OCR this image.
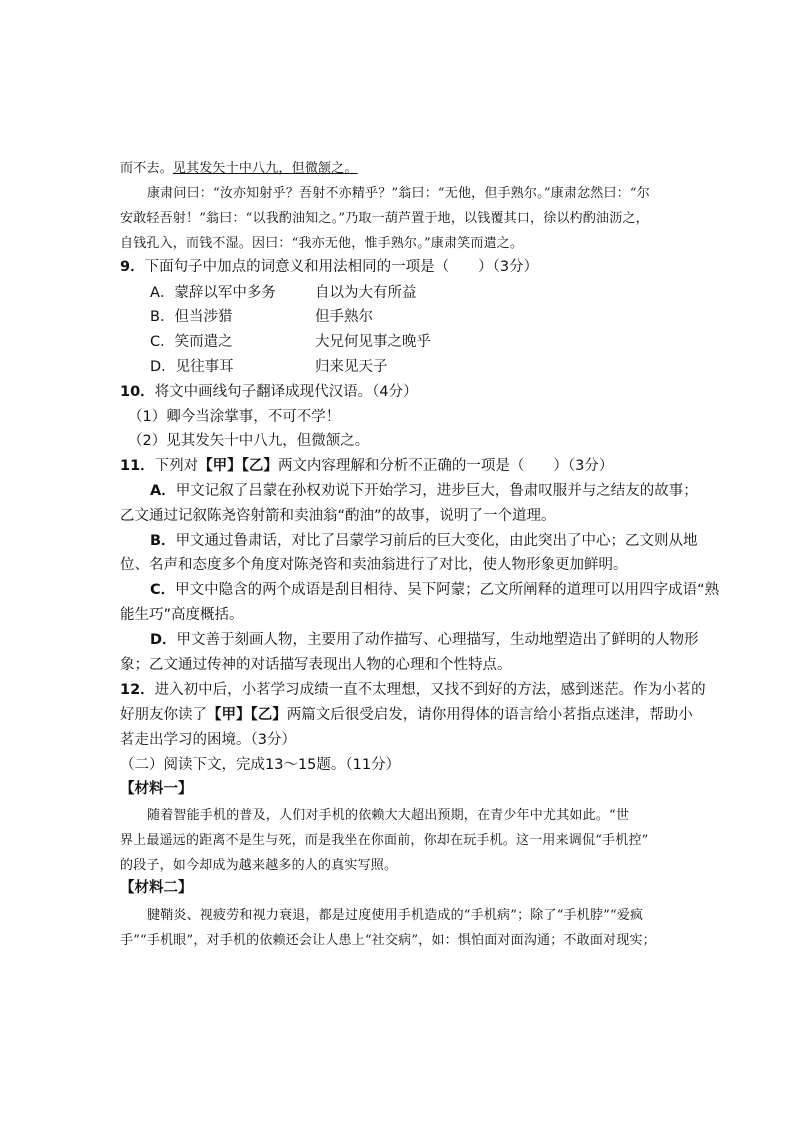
而不去。见其发矢十中八九，但微颔之。
康肃问曰：“汝亦知射乎？吾射不亦精乎？”翁曰：“无他，但手熟尔。”康肃忿然曰：“尔
安敢轻吾射！”翁曰：“以我酌油知之。”乃取一葫芦置于地，以钱覆其口，徐以杓酌油沥之，
自钱孔入，而钱不湿。因曰：“我亦无他，惟手熟尔。”康肃笑而遣之。
9．下面句子中加点的词意义和用法相同的一项是（　　）（3分）
A．蒙辞以军中多务	自以为大有所益
B．但当涉猎	但手熟尔
C．笑而遣之	大兄何见事之晚乎
D．见往事耳	归来见天子
10．将文中画线句子翻译成现代汉语。（4分）
（1）卿今当涂掌事，不可不学！
（2）见其发矢十中八九，但微颔之。
11．下列对【甲】【乙】两文内容理解和分析不正确的一项是（　　）（3分）
A．甲文记叙了吕蒙在孙权劝说下开始学习，进步巨大，鲁肃叹服并与之结友的故事；
乙文通过记叙陈尧咨射箭和卖油翁“酌油”的故事，说明了一个道理。
B．甲文通过鲁肃话，对比了吕蒙学习前后的巨大变化，由此突出了中心；乙文则从地
位、名声和态度多个角度对陈尧咨和卖油翁进行了对比，使人物形象更加鲜明。
C．甲文中隐含的两个成语是刮目相待、吴下阿蒙；乙文所阐释的道理可以用四字成语“熟
能生巧”高度概括。
D．甲文善于刻画人物，主要用了动作描写、心理描写，生动地塑造出了鲜明的人物形
象；乙文通过传神的对话描写表现出人物的心理和个性特点。
12．进入初中后，小茗学习成绩一直不太理想，又找不到好的方法，感到迷茫。作为小茗的
好朋友你读了【甲】【乙】两篇文后很受启发，请你用得体的语言给小茗指点迷津，帮助小
茗走出学习的困境。（3分）
（二）阅读下文，完成13～15题。（11分）
【材料一】
随着智能手机的普及，人们对手机的依赖大大超出预期，在青少年中尤其如此。“世
界上最遥远的距离不是生与死，而是我坐在你面前，你却在玩手机。这一用来调侃“手机控”
的段子，如今却成为越来越多的人的真实写照。
【材料二】
腱鞘炎、视疲劳和视力衰退，都是过度使用手机造成的“手机病”；除了“手机脖”“爱疯
手”“手机眼”，对手机的依赖还会让人患上“社交病”，如：惧怕面对面沟通；不敢面对现实；
